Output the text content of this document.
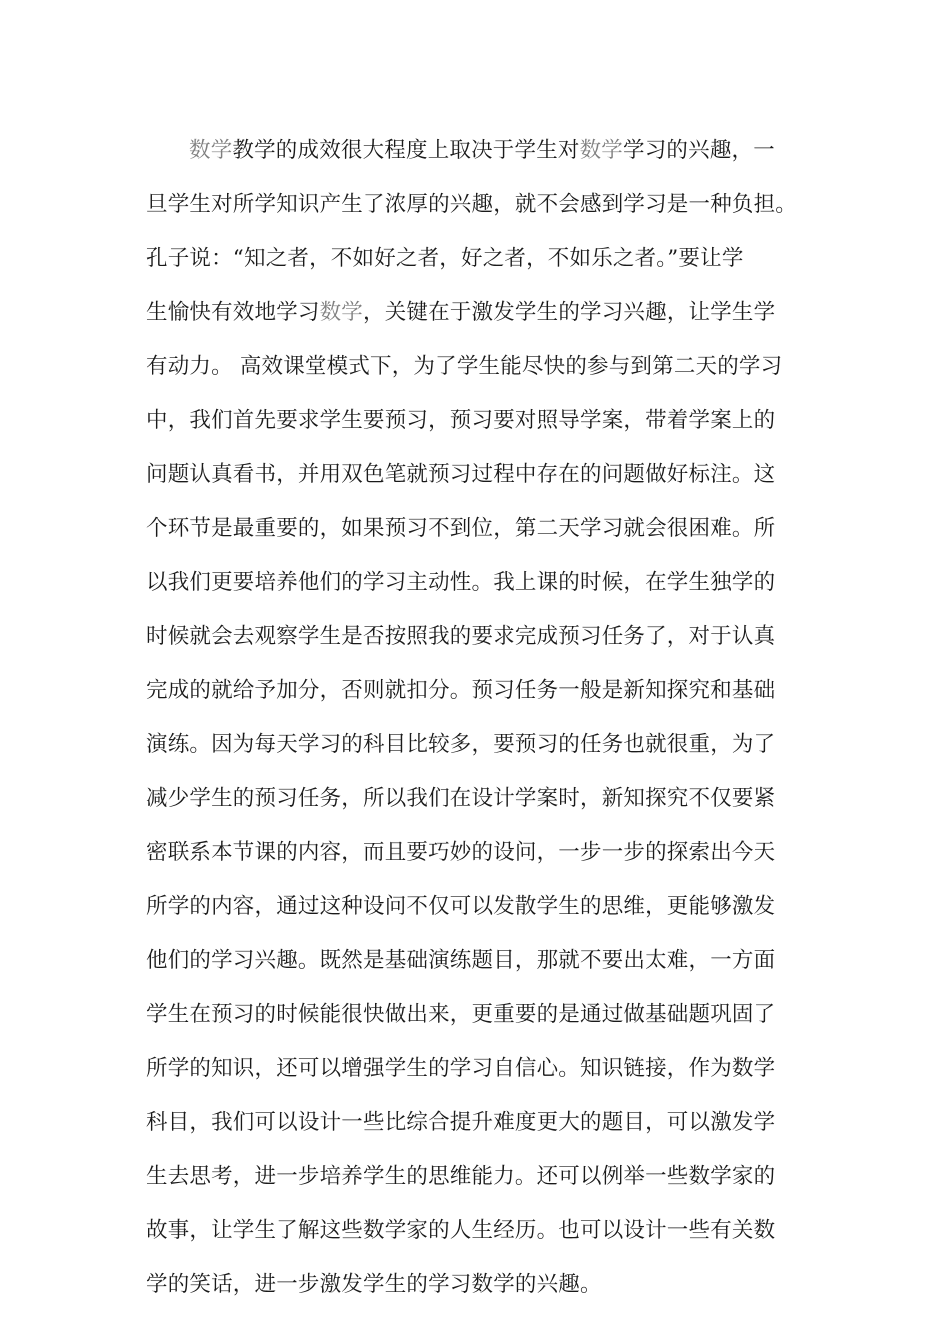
数学教学的成效很大程度上取决于学生对数学学习的兴趣，一
旦学生对所学知识产生了浓厚的兴趣，就不会感到学习是一种负担。
孔子说：“知之者，不如好之者，好之者，不如乐之者。”要让学
生愉快有效地学习数学，关键在于激发学生的学习兴趣，让学生学
有动力。 高效课堂模式下，为了学生能尽快的参与到第二天的学习
中，我们首先要求学生要预习，预习要对照导学案，带着学案上的
问题认真看书，并用双色笔就预习过程中存在的问题做好标注。这
个环节是最重要的，如果预习不到位，第二天学习就会很困难。所
以我们更要培养他们的学习主动性。我上课的时候，在学生独学的
时候就会去观察学生是否按照我的要求完成预习任务了，对于认真
完成的就给予加分，否则就扣分。预习任务一般是新知探究和基础
演练。因为每天学习的科目比较多，要预习的任务也就很重，为了
减少学生的预习任务，所以我们在设计学案时，新知探究不仅要紧
密联系本节课的内容，而且要巧妙的设问，一步一步的探索出今天
所学的内容，通过这种设问不仅可以发散学生的思维，更能够激发
他们的学习兴趣。既然是基础演练题目，那就不要出太难，一方面
学生在预习的时候能很快做出来，更重要的是通过做基础题巩固了
所学的知识，还可以增强学生的学习自信心。知识链接，作为数学
科目，我们可以设计一些比综合提升难度更大的题目，可以激发学
生去思考，进一步培养学生的思维能力。还可以例举一些数学家的
故事，让学生了解这些数学家的人生经历。也可以设计一些有关数
学的笑话，进一步激发学生的学习数学的兴趣。
